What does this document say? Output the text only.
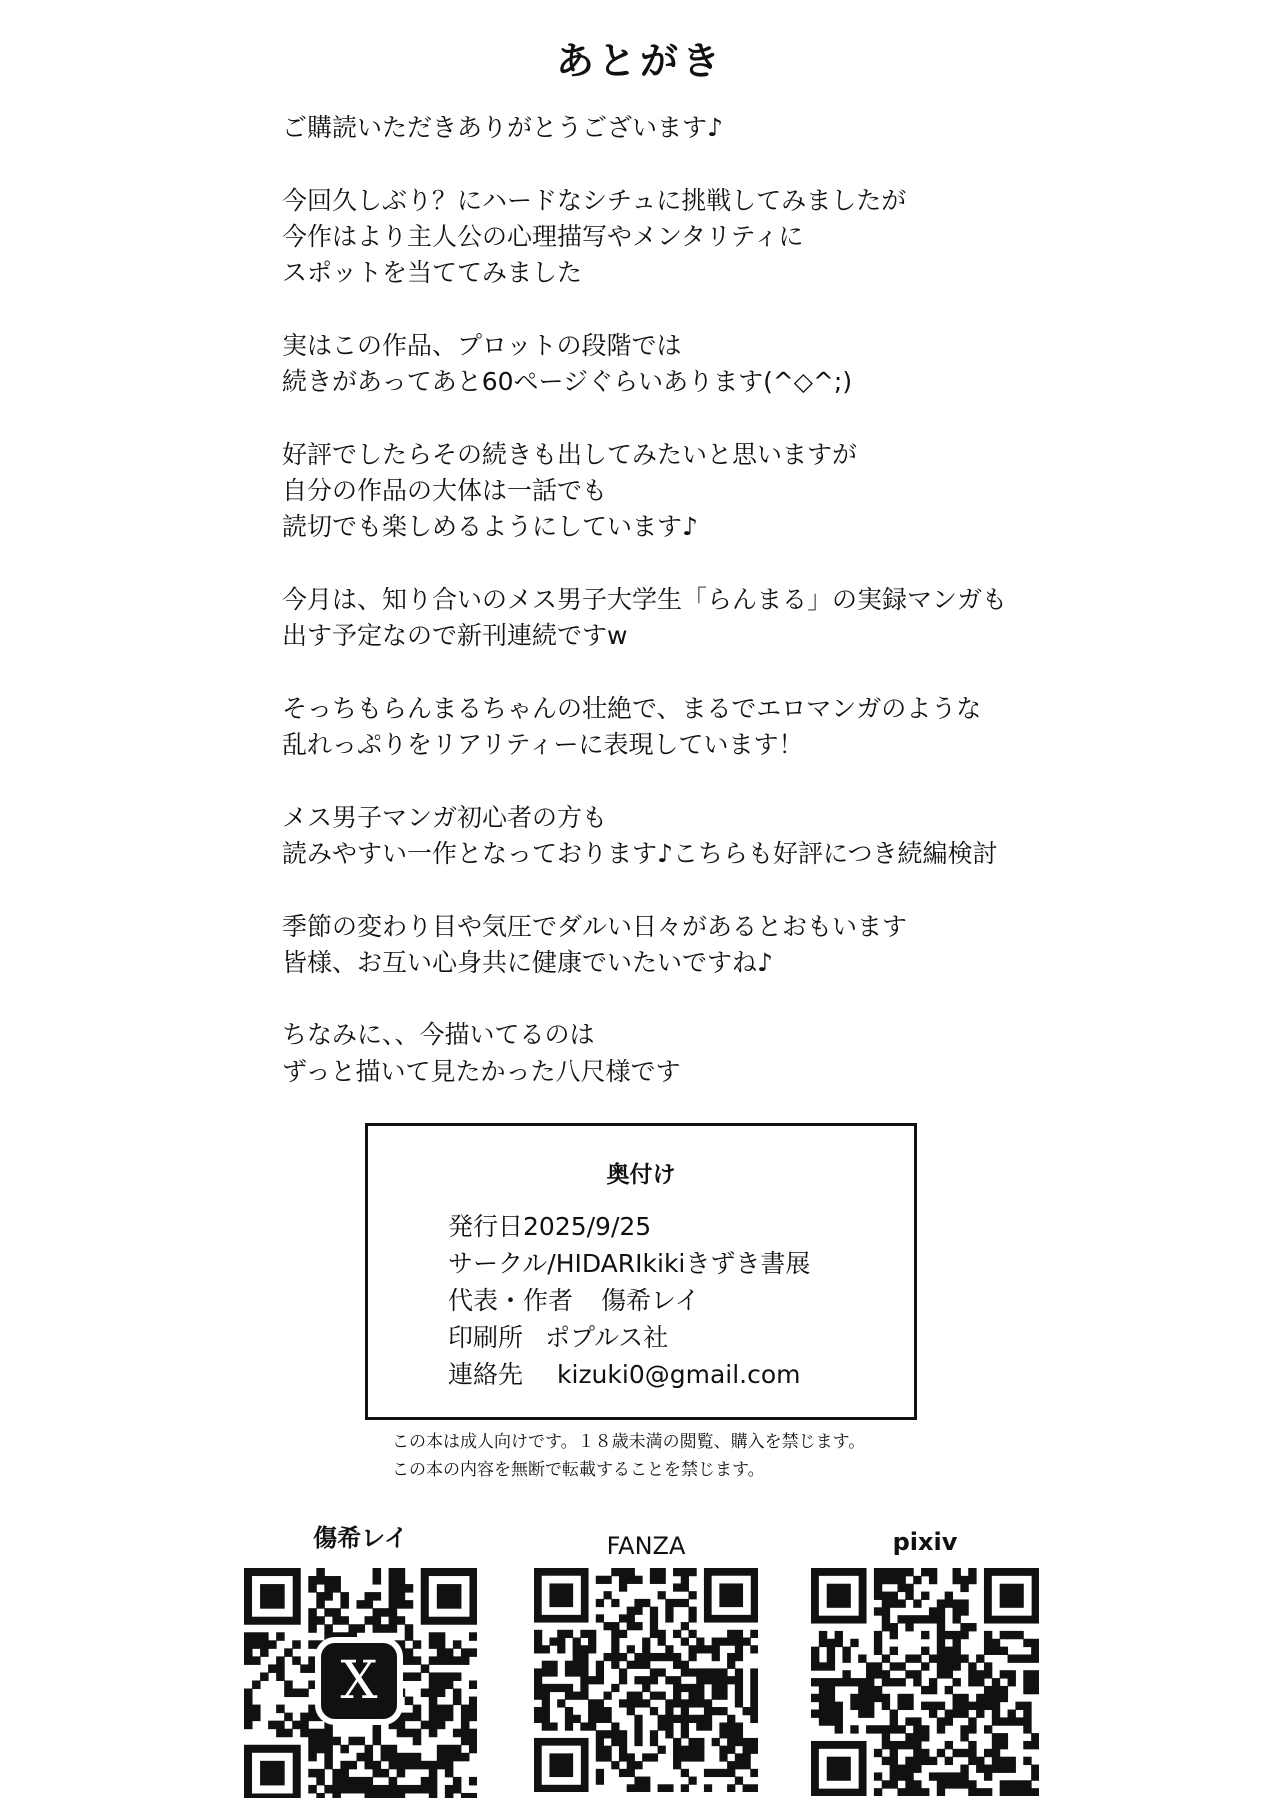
あとがき
ご購読いただきありがとうございます♪
今回久しぶり？にハードなシチュに挑戦してみましたが
今作はより主人公の心理描写やメンタリティに
スポットを当ててみました
実はこの作品、プロットの段階では
続きがあってあと60ページぐらいあります(^◇^;)
好評でしたらその続きも出してみたいと思いますが
自分の作品の大体は一話でも
読切でも楽しめるようにしています♪
今月は、知り合いのメス男子大学生「らんまる」の実録マンガも
出す予定なので新刊連続ですw
そっちもらんまるちゃんの壮絶で、まるでエロマンガのような
乱れっぷりをリアリティーに表現しています！
メス男子マンガ初心者の方も
読みやすい一作となっております♪こちらも好評につき続編検討
季節の変わり目や気圧でダルい日々があるとおもいます
皆様、お互い心身共に健康でいたいですね♪
ちなみに、、今描いてるのは
ずっと描いて見たかった八尺様です
奥付け
発行日2025/9/25
サークル/HIDARIkikiきずき書展
代表・作者 傷希レイ
印刷所 ポプルス社
連絡先 kizuki0@gmail.com
この本は成人向けです。１８歳未満の閲覧、購入を禁じます。
この本の内容を無断で転載することを禁じます。
傷希レイ
X
FANZA	pixiv
